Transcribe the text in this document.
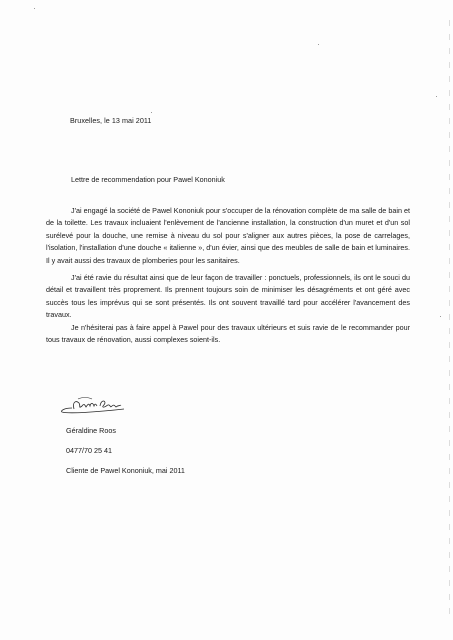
Bruxelles, le 13 mai 2011
Lettre de recommendation pour Pawel Kononiuk

J'ai engagé la société de Pawel Kononiuk pour s'occuper de la rénovation complète de ma salle de bain et de la toilette. Les travaux incluaient l'enlèvement de l'ancienne installation, la construction d'un muret et d'un sol surélevé pour la douche, une remise à niveau du sol pour s'aligner aux autres pièces, la pose de carrelages, l'isolation, l'installation d'une douche « italienne », d'un évier, ainsi que des meubles de salle de bain et luminaires. Il y avait aussi des travaux de plomberies pour les sanitaires.

J'ai été ravie du résultat ainsi que de leur façon de travailler : ponctuels, professionnels, ils ont le souci du détail et travaillent très proprement. Ils prennent toujours soin de minimiser les désagréments et ont géré avec succès tous les imprévus qui se sont présentés. Ils ont souvent travaillé tard pour accélérer l'avancement des travaux.

Je n'hésiterai pas à faire appel à Pawel pour des travaux ultérieurs et suis ravie de le recommander pour tous travaux de rénovation, aussi complexes soient-ils.

Géraldine Roos
0477/70 25 41
Cliente de Pawel Kononiuk, mai 2011
